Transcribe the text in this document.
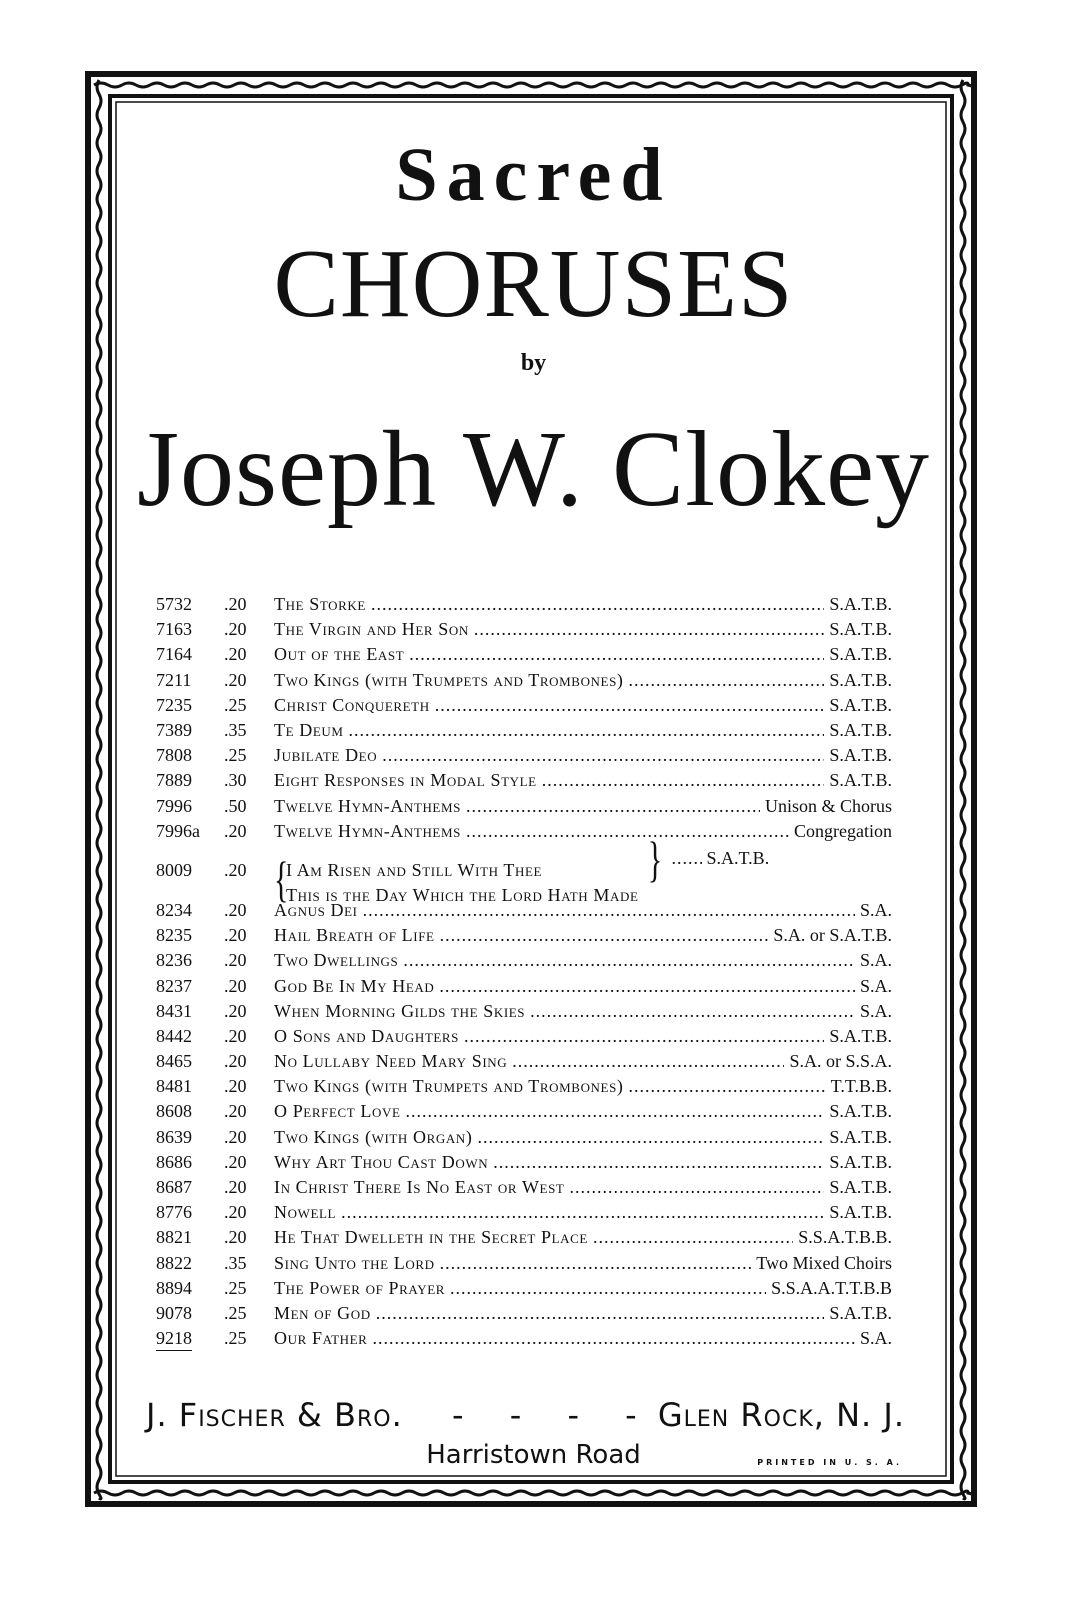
Sacred
CHORUSES
by
Joseph W. Clokey
5732	.20	The Storke .....	S.A.T.B.
7163	.20	The Virgin and Her Son .....	S.A.T.B.
7164	.20	Out of the East .....	S.A.T.B.
7211	.20	Two Kings (with Trumpets and Trombones) .....	S.A.T.B.
7235	.25	Christ Conquereth .....	S.A.T.B.
7389	.35	Te Deum .....	S.A.T.B.
7808	.25	Jubilate Deo .....	S.A.T.B.
7889	.30	Eight Responses in Modal Style .....	S.A.T.B.
7996	.50	Twelve Hymn-Anthems .....	Unison & Chorus
7996a	.20	Twelve Hymn-Anthems .....	Congregation
8009	.20 {
I Am Risen and Still With Thee
This is the Day Which the Lord Hath Made
} ..... S.A.T.B.
8234	.20	Agnus Dei .....	S.A.
8235	.20	Hail Breath of Life .....	S.A. or S.A.T.B.
8236	.20	Two Dwellings .....	S.A.
8237	.20	God Be In My Head .....	S.A.
8431	.20	When Morning Gilds the Skies .....	S.A.
8442	.20	O Sons and Daughters .....	S.A.T.B.
8465	.20	No Lullaby Need Mary Sing .....	S.A. or S.S.A.
8481	.20	Two Kings (with Trumpets and Trombones) .....	T.T.B.B.
8608	.20	O Perfect Love .....	S.A.T.B.
8639	.20	Two Kings (with Organ) .....	S.A.T.B.
8686	.20	Why Art Thou Cast Down .....	S.A.T.B.
8687	.20	In Christ There Is No East or West .....	S.A.T.B.
8776	.20	Nowell .....	S.A.T.B.
8821	.20	He That Dwelleth in the Secret Place .....	S.S.A.T.B.B.
8822	.35	Sing Unto the Lord .....	Two Mixed Choirs
8894	.25	The Power of Prayer .....	S.S.A.A.T.T.B.B
9078	.25	Men of God .....	S.A.T.B.
9218	.25	Our Father .....	S.A.
J. Fischer & Bro. - - - - Glen Rock, N. J.
Harristown Road	PRINTED IN U. S. A.
